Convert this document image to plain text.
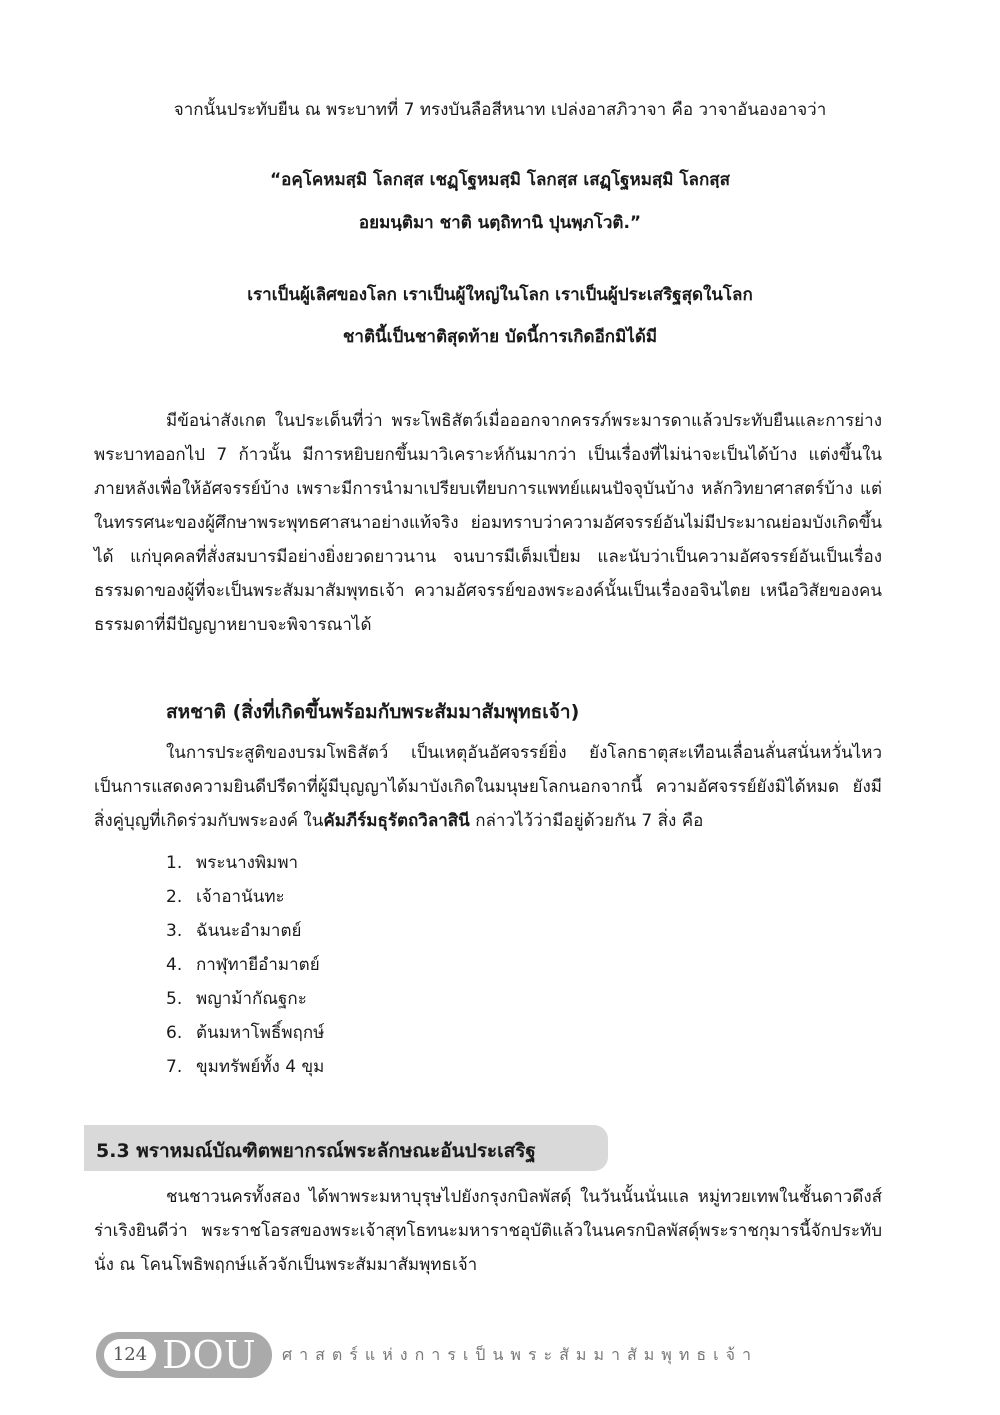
จากนั้นประทับยืน ณ พระบาทที่ 7 ทรงบันลือสีหนาท เปล่งอาสภิวาจา คือ วาจาอันองอาจว่า
“อคฺโคหมสฺมิ โลกสฺส เชฏฺโฐหมสฺมิ โลกสฺส เสฏฺโฐหมสฺมิ โลกสฺส
อยมนฺติมา ชาติ นตฺถิทานิ ปุนพฺภโวติ.”
เราเป็นผู้เลิศของโลก เราเป็นผู้ใหญ่ในโลก เราเป็นผู้ประเสริฐสุดในโลก
ชาตินี้เป็นชาติสุดท้าย บัดนี้การเกิดอีกมิได้มี

มีข้อน่าสังเกต ในประเด็นที่ว่า พระโพธิสัตว์เมื่อออกจากครรภ์พระมารดาแล้วประทับยืนและการย่างพระบาทออกไป 7 ก้าวนั้น มีการหยิบยกขึ้นมาวิเคราะห์กันมากว่า เป็นเรื่องที่ไม่น่าจะเป็นได้บ้าง แต่งขึ้นในภายหลังเพื่อให้อัศจรรย์บ้าง เพราะมีการนำมาเปรียบเทียบการแพทย์แผนปัจจุบันบ้าง หลักวิทยาศาสตร์บ้าง แต่ในทรรศนะของผู้ศึกษาพระพุทธศาสนาอย่างแท้จริง ย่อมทราบว่าความอัศจรรย์อันไม่มีประมาณย่อมบังเกิดขึ้นได้ แก่บุคคลที่สั่งสมบารมีอย่างยิ่งยวดยาวนาน จนบารมีเต็มเปี่ยม และนับว่าเป็นความอัศจรรย์อันเป็นเรื่องธรรมดาของผู้ที่จะเป็นพระสัมมาสัมพุทธเจ้า ความอัศจรรย์ของพระองค์นั้นเป็นเรื่องอจินไตย เหนือวิสัยของคนธรรมดาที่มีปัญญาหยาบจะพิจารณาได้

สหชาติ (สิ่งที่เกิดขึ้นพร้อมกับพระสัมมาสัมพุทธเจ้า)

ในการประสูติของบรมโพธิสัตว์ เป็นเหตุอันอัศจรรย์ยิ่ง ยังโลกธาตุสะเทือนเลื่อนลั่นสนั่นหวั่นไหว เป็นการแสดงความยินดีปรีดาที่ผู้มีบุญญาได้มาบังเกิดในมนุษยโลกนอกจากนี้ ความอัศจรรย์ยังมิได้หมด ยังมีสิ่งคู่บุญที่เกิดร่วมกับพระองค์ ในคัมภีร์มธุรัตถวิลาสินี กล่าวไว้ว่ามีอยู่ด้วยกัน 7 สิ่ง คือ

1. พระนางพิมพา
2. เจ้าอานันทะ
3. ฉันนะอำมาตย์
4. กาฬุทายีอำมาตย์
5. พญาม้ากัณฐกะ
6. ต้นมหาโพธิ์พฤกษ์
7. ขุมทรัพย์ทั้ง 4 ขุม
5.3 พราหมณ์บัณฑิตพยากรณ์พระลักษณะอันประเสริฐ

ชนชาวนครทั้งสอง ได้พาพระมหาบุรุษไปยังกรุงกบิลพัสดุ์ ในวันนั้นนั่นแล หมู่ทวยเทพในชั้นดาวดึงส์ร่าเริงยินดีว่า พระราชโอรสของพระเจ้าสุทโธทนะมหาราชอุบัติแล้วในนครกบิลพัสดุ์พระราชกุมารนี้จักประทับนั่ง ณ โคนโพธิพฤกษ์แล้วจักเป็นพระสัมมาสัมพุทธเจ้า

124 DOU ศาสตร์แห่งการเป็นพระสัมมาสัมพุทธเจ้า
